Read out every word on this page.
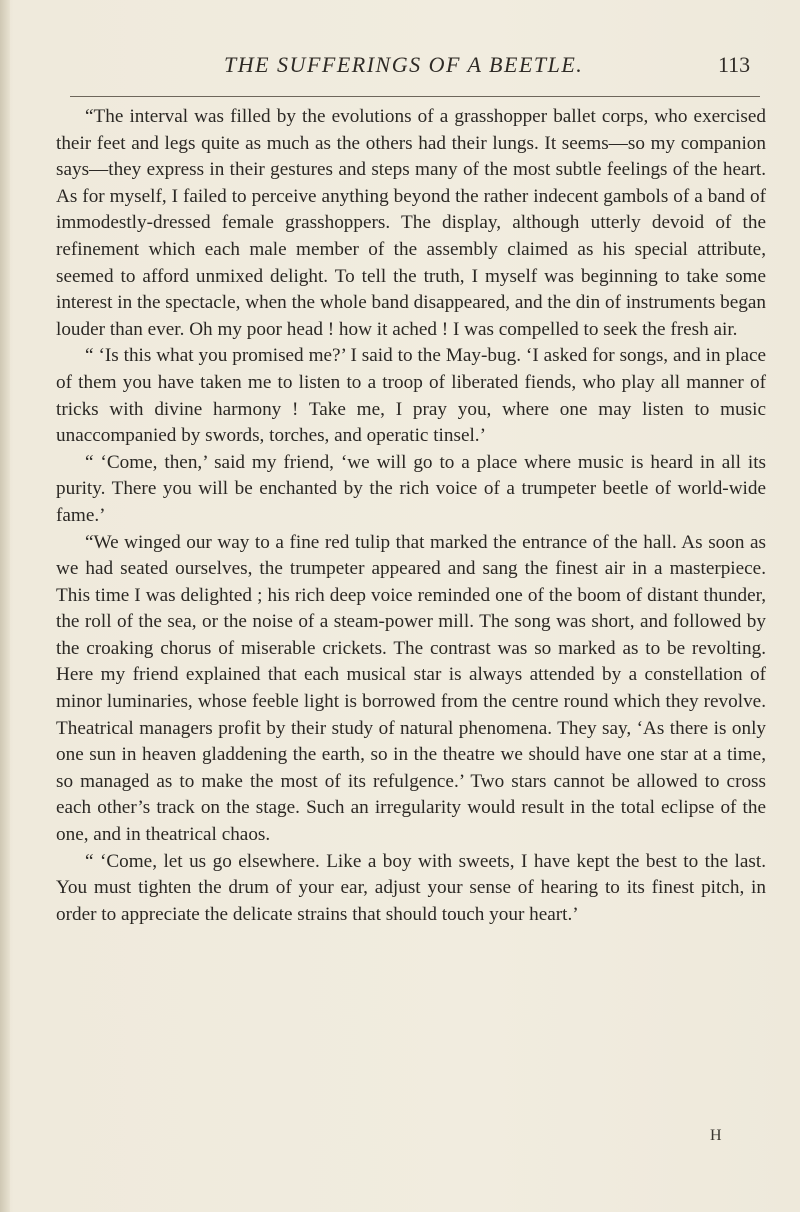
THE SUFFERINGS OF A BEETLE.	113

“The interval was filled by the evolutions of a grasshopper ballet corps, who exercised their feet and legs quite as much as the others had their lungs. It seems—so my companion says—they express in their gestures and steps many of the most subtle feelings of the heart. As for myself, I failed to perceive anything beyond the rather indecent gambols of a band of immodestly-dressed female grasshoppers. The display, although utterly devoid of the refinement which each male member of the assembly claimed as his special attribute, seemed to afford unmixed delight. To tell the truth, I myself was beginning to take some interest in the spectacle, when the whole band disappeared, and the din of instruments began louder than ever. Oh my poor head ! how it ached ! I was compelled to seek the fresh air.

“ ‘Is this what you promised me?’ I said to the May-bug. ‘I asked for songs, and in place of them you have taken me to listen to a troop of liberated fiends, who play all manner of tricks with divine harmony ! Take me, I pray you, where one may listen to music unaccompanied by swords, torches, and operatic tinsel.’

“ ‘Come, then,’ said my friend, ‘we will go to a place where music is heard in all its purity. There you will be enchanted by the rich voice of a trumpeter beetle of world-wide fame.’

“We winged our way to a fine red tulip that marked the entrance of the hall. As soon as we had seated ourselves, the trumpeter appeared and sang the finest air in a masterpiece. This time I was delighted ; his rich deep voice reminded one of the boom of distant thunder, the roll of the sea, or the noise of a steam-power mill. The song was short, and followed by the croaking chorus of miserable crickets. The contrast was so marked as to be revolting. Here my friend explained that each musical star is always attended by a constellation of minor luminaries, whose feeble light is borrowed from the centre round which they revolve. Theatrical managers profit by their study of natural phenomena. They say, ‘As there is only one sun in heaven gladdening the earth, so in the theatre we should have one star at a time, so managed as to make the most of its refulgence.’ Two stars cannot be allowed to cross each other’s track on the stage. Such an irregularity would result in the total eclipse of the one, and in theatrical chaos.

“ ‘Come, let us go elsewhere. Like a boy with sweets, I have kept the best to the last. You must tighten the drum of your ear, adjust your sense of hearing to its finest pitch, in order to appreciate the delicate strains that should touch your heart.’

H
